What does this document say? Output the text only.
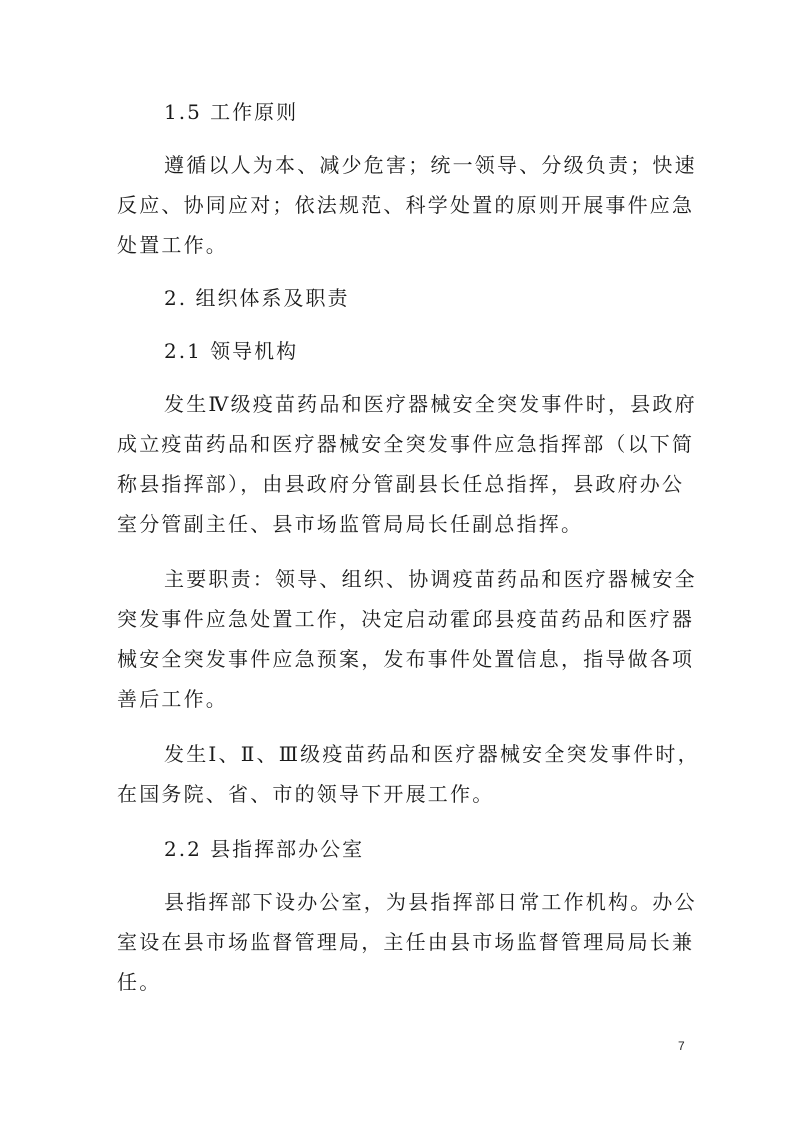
1.5 工作原则
遵循以人为本、减少危害；统一领导、分级负责；快速
反应、协同应对；依法规范、科学处置的原则开展事件应急
处置工作。
2. 组织体系及职责
2.1 领导机构
发生Ⅳ级疫苗药品和医疗器械安全突发事件时，县政府
成立疫苗药品和医疗器械安全突发事件应急指挥部（以下简
称县指挥部），由县政府分管副县长任总指挥，县政府办公
室分管副主任、县市场监管局局长任副总指挥。
主要职责：领导、组织、协调疫苗药品和医疗器械安全
突发事件应急处置工作，决定启动霍邱县疫苗药品和医疗器
械安全突发事件应急预案，发布事件处置信息，指导做各项
善后工作。
发生Ⅰ、Ⅱ、Ⅲ级疫苗药品和医疗器械安全突发事件时，
在国务院、省、市的领导下开展工作。
2.2 县指挥部办公室
县指挥部下设办公室，为县指挥部日常工作机构。办公
室设在县市场监督管理局，主任由县市场监督管理局局长兼
任。
7
